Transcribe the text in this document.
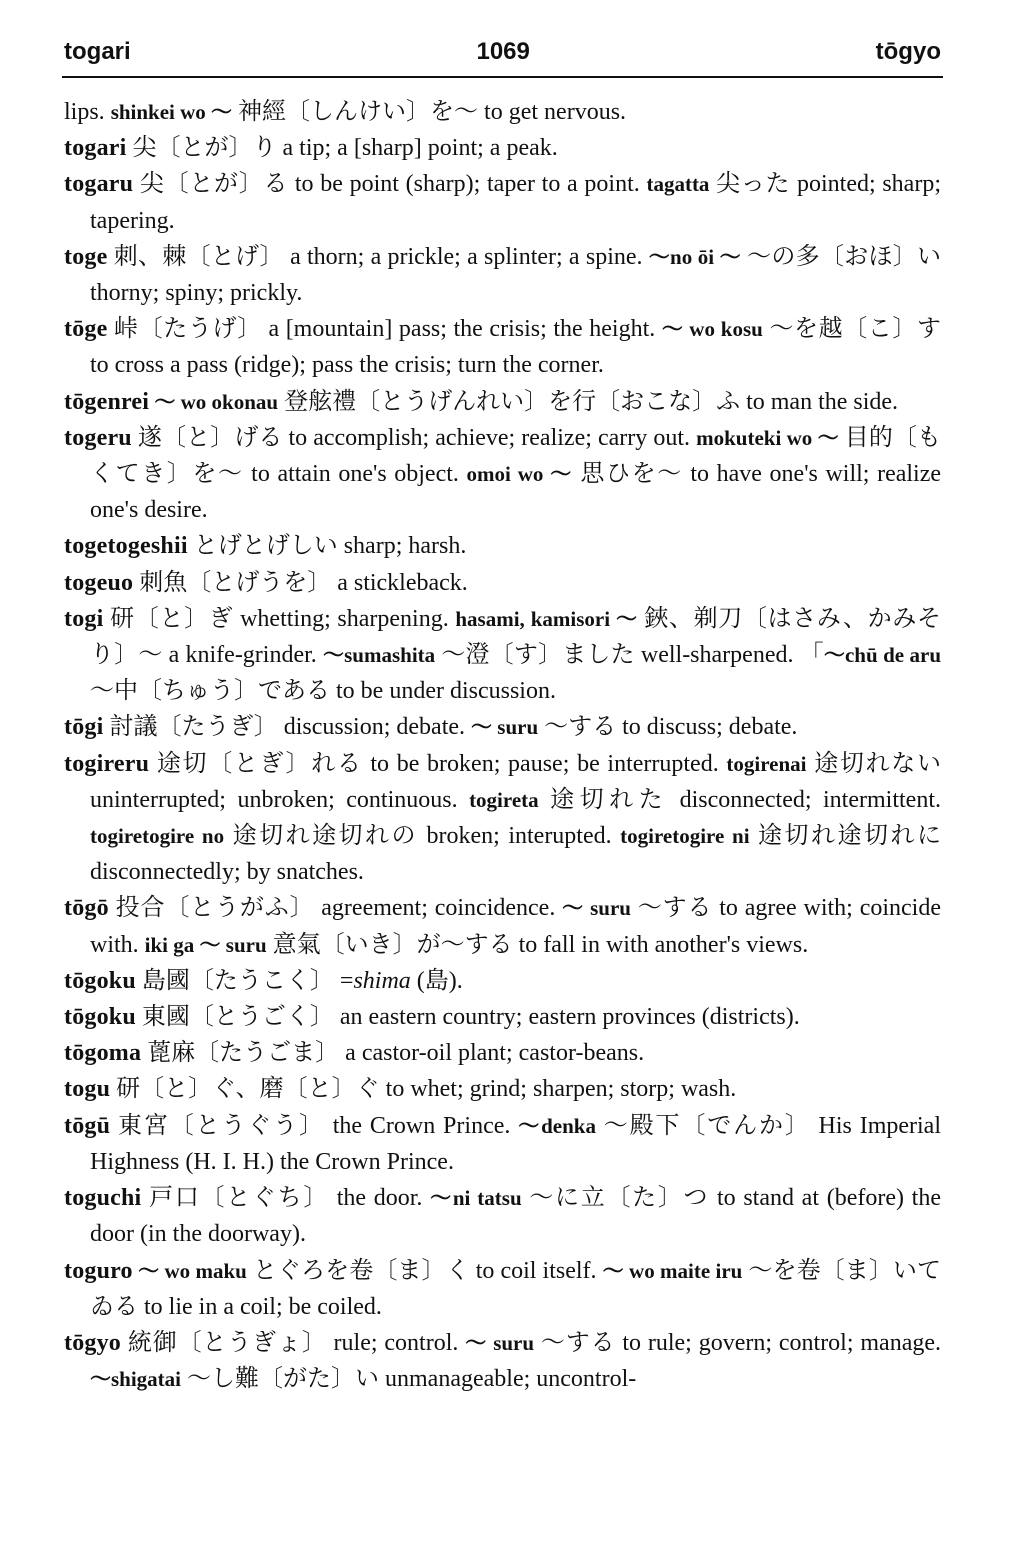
togari	1069	tōgyo

lips. shinkei wo ～ 神經〔しんけい〕を～ to get nervous.

togari 尖〔とが〕り a tip; a [sharp] point; a peak.

togaru 尖〔とが〕る to be point (sharp); taper to a point. tagatta 尖った pointed; sharp; tapering.

toge 刺、棘〔とげ〕 a thorn; a prickle; a splinter; a spine. ～no ōi ～ ～の多〔おほ〕い thorny; spiny; prickly.

tōge 峠〔たうげ〕 a [mountain] pass; the crisis; the height. ～ wo kosu ～を越〔こ〕す to cross a pass (ridge); pass the crisis; turn the corner.

tōgenrei ～ wo okonau 登舷禮〔とうげんれい〕を行〔おこな〕ふ to man the side.

togeru 遂〔と〕げる to accomplish; achieve; realize; carry out. mokuteki wo ～ 目的〔もくてき〕を～ to attain one's object. omoi wo ～ 思ひを～ to have one's will; realize one's desire.

togetogeshii とげとげしい sharp; harsh.

togeuo 刺魚〔とげうを〕 a stickleback.

togi 研〔と〕ぎ whetting; sharpening. hasami, kamisori ～ 鋏、剃刀〔はさみ、かみそり〕～ a knife-grinder. ～sumashita ～澄〔す〕ました well-sharpened. 「～chū de aru ～中〔ちゅう〕である to be under discussion.

tōgi 討議〔たうぎ〕 discussion; debate. ～ suru ～する to discuss; debate.

togireru 途切〔とぎ〕れる to be broken; pause; be interrupted. togirenai 途切れない uninterrupted; unbroken; continuous. togireta 途切れた disconnected; intermittent. togiretogire no 途切れ途切れの broken; interupted. togiretogire ni 途切れ途切れに disconnectedly; by snatches.

tōgō 投合〔とうがふ〕 agreement; coincidence. ～ suru ～する to agree with; coincide with. iki ga ～ suru 意氣〔いき〕が～する to fall in with another's views.

tōgoku 島國〔たうこく〕 =shima (島).

tōgoku 東國〔とうごく〕 an eastern country; eastern provinces (districts).

tōgoma 蓖麻〔たうごま〕 a castor-oil plant; castor-beans.

togu 研〔と〕ぐ、磨〔と〕ぐ to whet; grind; sharpen; storp; wash.

tōgū 東宮〔とうぐう〕 the Crown Prince. ～denka ～殿下〔でんか〕 His Imperial Highness (H. I. H.) the Crown Prince.

toguchi 戸口〔とぐち〕 the door. ～ni tatsu ～に立〔た〕つ to stand at (before) the door (in the doorway).

toguro ～ wo maku とぐろを卷〔ま〕く to coil itself. ～ wo maite iru ～を卷〔ま〕いてゐる to lie in a coil; be coiled.

tōgyo 統御〔とうぎょ〕 rule; control. ～ suru ～する to rule; govern; control; manage. ～shigatai ～し難〔がた〕い unmanageable; uncontrol-
